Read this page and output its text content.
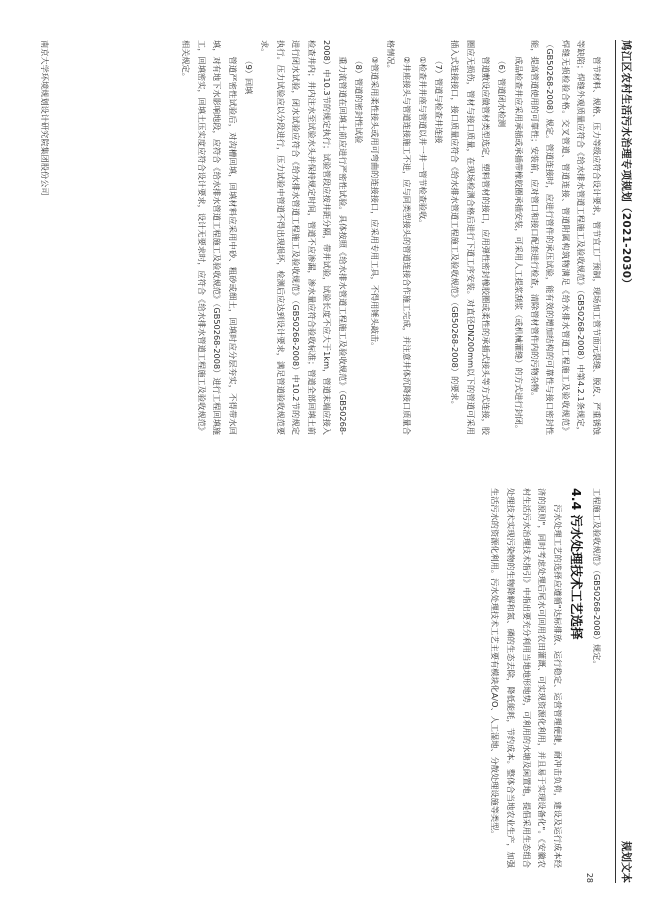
鸠江区农村生活污水治理专项规划（2021-2030）
规划文本
28

管节材料、规格、压力等级应符合设计要求，管节宜工厂预制，现场加工管节面元裂缝、脱皮、严重锈蚀等缺陷；焊缝外观质量应符合《给水排水管道工程施工及验收规范》（GB50268-2008）中第4.2.1条规定，焊缝无损检验合格。交叉管道、管道连接、管道附属构筑物满足《给水排水管道工程施工及验收规范》（GB50268-2008）规定。管道连接时，应进行管件的承压试验，能有效的增加结构的可靠性与接口密封性能，提高管道使用的可靠性；安装前，应对管口和接口配套进行检查，清除管材管件内的污物杂物。

成品检查井应采用承插或承插带橡胶圈承插安装，可采用人工提浆刮浆（或机械灌缝）的方式进行封闭。

（6）管道闭水检测

管道敷设应做管材类型选定，塑料管材的接口，应用弹性密封橡胶圈或柔性的承插式接头等方式连接，胶圈应无损伤，管材与接口质量，在现场检测合格后进行下道工序安装。对直径DN200mm以下的管道可采用插入式连接接口，接口质量应符合《给水排水管道工程施工及验收规范》（GB50268-2008）的要求。

（7）管道与检查井连接

①检查井井座与管道以井一井一管节检查验收。

②井座接头与管道连接施工不进，应与同类型接头的管道连接合作施工完成，并注意井体沉降接口质量合格情况。

③管道采用柔性接头或用可弯曲的连接接口，应采用专用工具，不得用锤头敲击。

（8）管道的密封性试验

重力流管道在回填土前应进行严密性试验。具体按照《给水排水管道工程施工及验收规范》（GB50268-2008）中10.3节的规定执行；试验管段应按井距分隔，带井试验，试验长度不应大于1km，管道末端应接入检查井内；井内注水至试验水头并保持规定时间，管道不应渗漏，渗水量应符合验收标准；管道全部回填土前进行闭水试验，闭水试验应符合《给水排水管道工程施工及验收规范》（GB50268-2008）中10.2节的规定执行。压力试验应以分段进行，压力试验中管道不得出现损坏，检测后应达到设计要求，满足管道验收规范要求。

（9）回填

管道严密性试验后，对沟槽回填，回填材料应采用中砂、粗砂或细土，回填时应分层夯实，不得带水回填，对有地下水影响地段，应符合《给水排水管道工程施工及验收规范》（GB50268-2008）进行工程回填施工，回填密实，回填土压实度应符合设计要求，设计无要求时，应符合《给水排水管道工程施工及验收规范》相关规定。

工程施工及验收规范》（GB50268-2008）规定。

4.4 污水处理技术工艺选择

污水处理工艺的选择应遵循"达标排放、运行稳定、运营管理便捷，耐冲击负荷，建设及运行成本经济的原则"，同时考虑处理后尾水可回用农田灌溉、可实现资源化利用，并且易于实现设备化"。《安徽农村生活污水治理技术指引》中指出要充分利用当地地形地势，可利用的水塘及闲置地，提倡采用生态组合处理技术实现污染物的生物降解和氮、磷的生态去除，降低能耗，节约成本。整体合当地农业生产，加强生活污水的资源化利用。污水处理技术工艺主要有模块化A/O、人工湿地、分散处理设施等类型。

南京大学环境规划设计研究院集团股份公司
